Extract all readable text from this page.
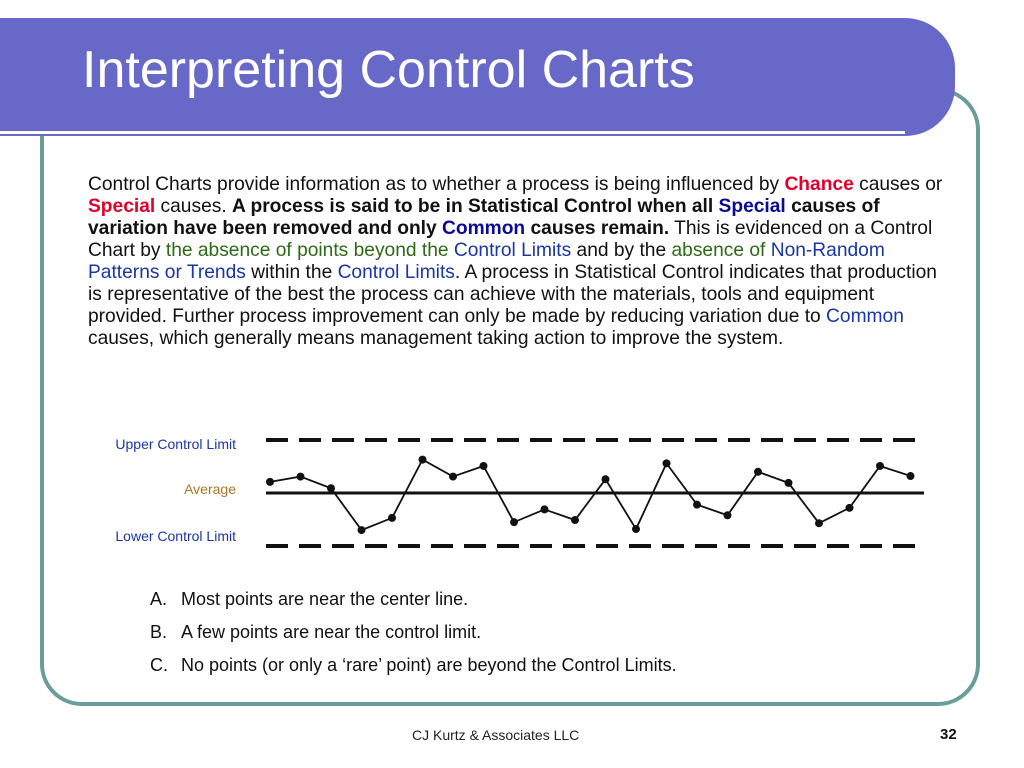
Interpreting Control Charts

Control Charts provide information as to whether a process is being influenced by Chance causes or Special causes. A process is said to be in Statistical Control when all Special causes of variation have been removed and only Common causes remain. This is evidenced on a Control Chart by the absence of points beyond the Control Limits and by the absence of Non-Random Patterns or Trends within the Control Limits. A process in Statistical Control indicates that production is representative of the best the process can achieve with the materials, tools and equipment provided. Further process improvement can only be made by reducing variation due to Common causes, which generally means management taking action to improve the system.

Upper Control Limit
Average
Lower Control Limit
A. Most points are near the center line.
B. A few points are near the control limit.
C. No points (or only a ‘rare’ point) are beyond the Control Limits.
CJ Kurtz & Associates LLC	32
